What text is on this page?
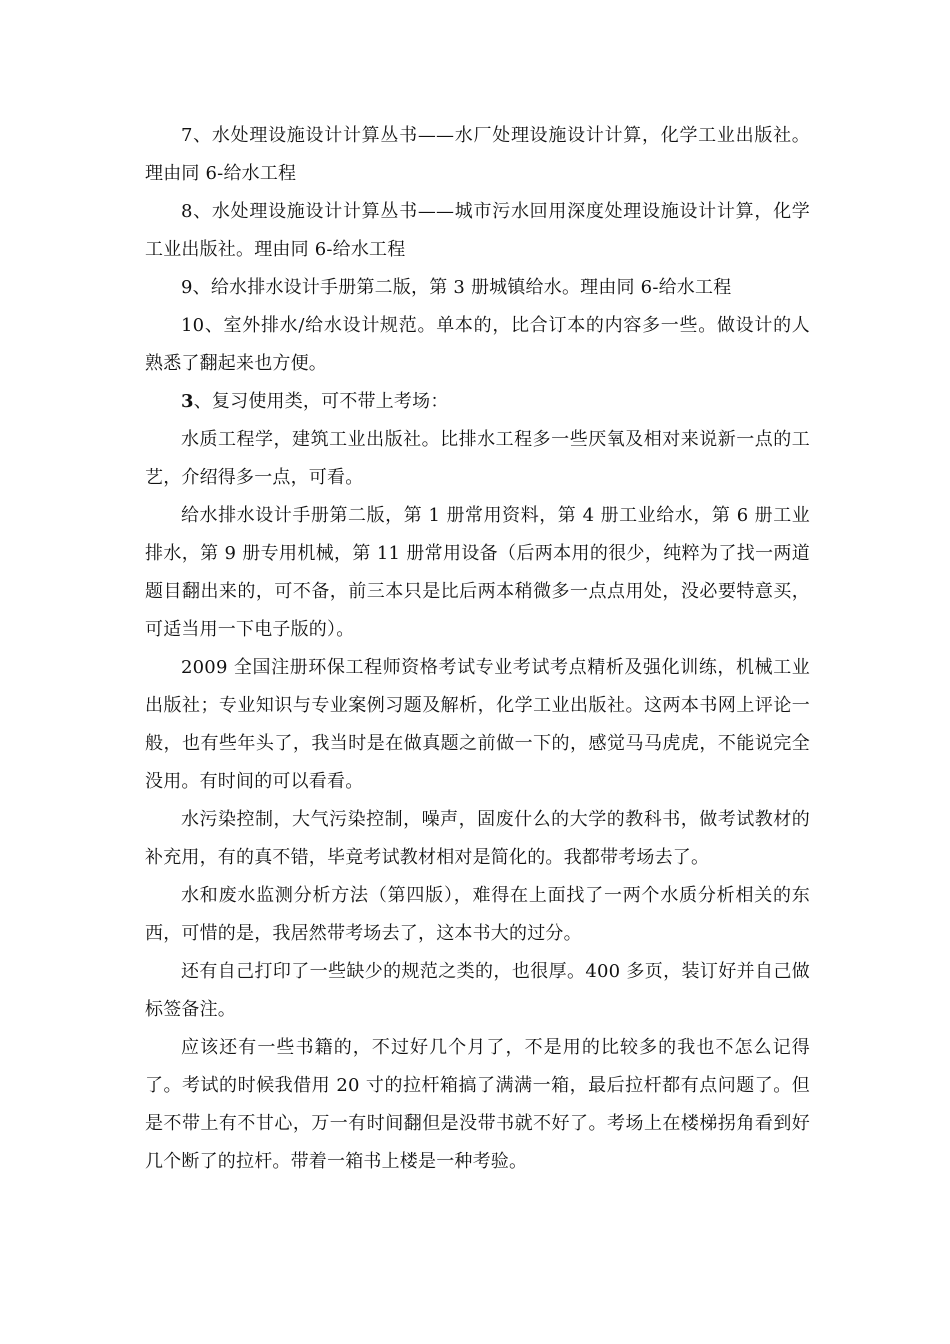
7、水处理设施设计计算丛书——水厂处理设施设计计算，化学工业出版社。理由同 6-给水工程

8、水处理设施设计计算丛书——城市污水回用深度处理设施设计计算，化学工业出版社。理由同 6-给水工程

9、给水排水设计手册第二版，第 3 册城镇给水。理由同 6-给水工程

10、室外排水/给水设计规范。单本的，比合订本的内容多一些。做设计的人熟悉了翻起来也方便。

3、复习使用类，可不带上考场：

水质工程学，建筑工业出版社。比排水工程多一些厌氧及相对来说新一点的工艺，介绍得多一点，可看。

给水排水设计手册第二版，第 1 册常用资料，第 4 册工业给水，第 6 册工业排水，第 9 册专用机械，第 11 册常用设备（后两本用的很少，纯粹为了找一两道题目翻出来的，可不备，前三本只是比后两本稍微多一点点用处，没必要特意买，可适当用一下电子版的）。

2009 全国注册环保工程师资格考试专业考试考点精析及强化训练，机械工业出版社；专业知识与专业案例习题及解析，化学工业出版社。这两本书网上评论一般，也有些年头了，我当时是在做真题之前做一下的，感觉马马虎虎，不能说完全没用。有时间的可以看看。

水污染控制，大气污染控制，噪声，固废什么的大学的教科书，做考试教材的补充用，有的真不错，毕竟考试教材相对是简化的。我都带考场去了。

水和废水监测分析方法（第四版），难得在上面找了一两个水质分析相关的东西，可惜的是，我居然带考场去了，这本书大的过分。

还有自己打印了一些缺少的规范之类的，也很厚。400 多页，装订好并自己做标签备注。

应该还有一些书籍的，不过好几个月了，不是用的比较多的我也不怎么记得了。考试的时候我借用 20 寸的拉杆箱搞了满满一箱，最后拉杆都有点问题了。但是不带上有不甘心，万一有时间翻但是没带书就不好了。考场上在楼梯拐角看到好几个断了的拉杆。带着一箱书上楼是一种考验。
